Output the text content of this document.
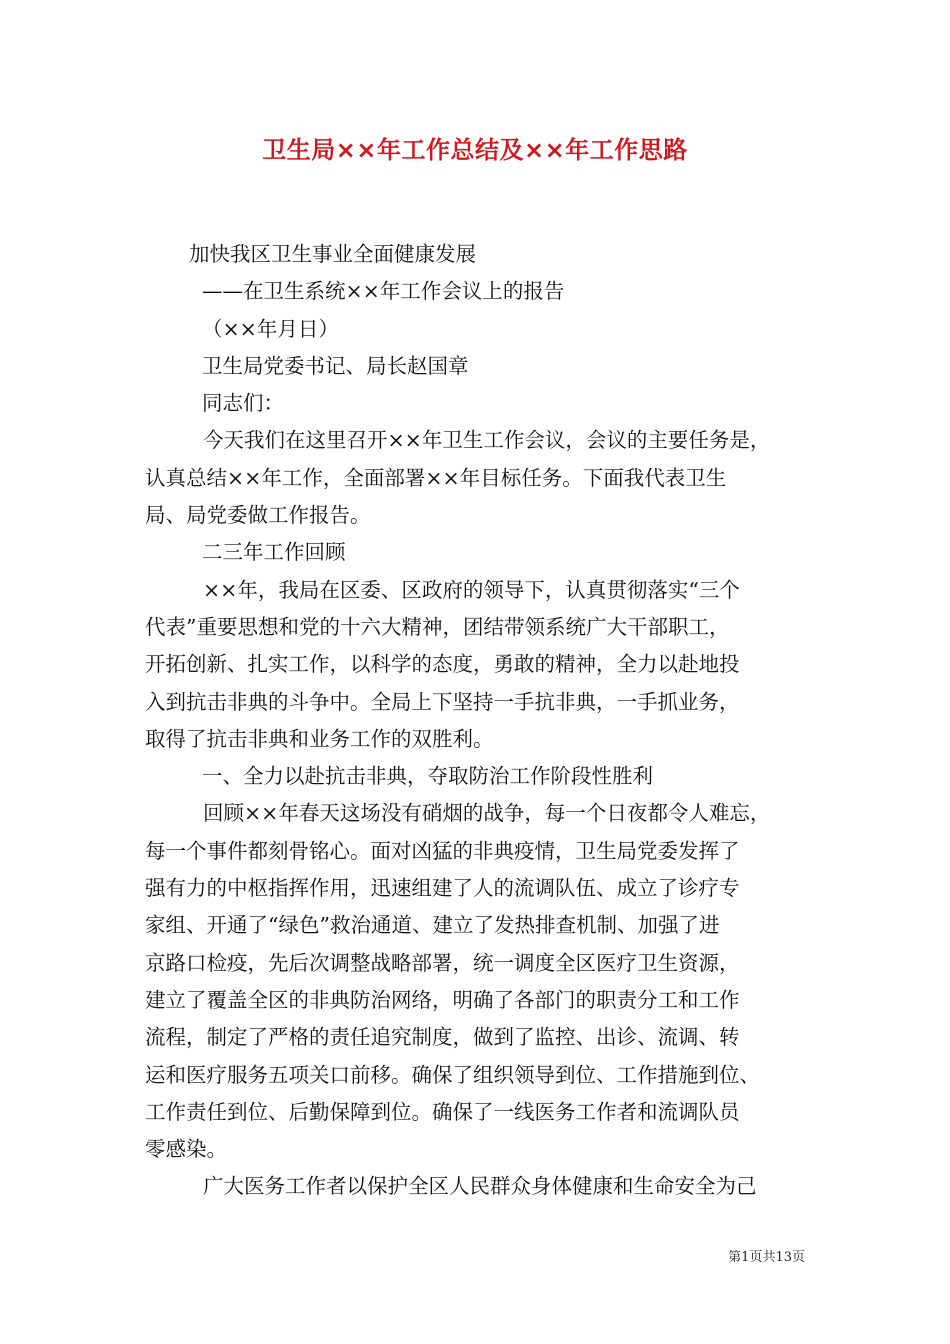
卫生局××年工作总结及××年工作思路
加快我区卫生事业全面健康发展
——在卫生系统××年工作会议上的报告
（××年月日）
卫生局党委书记、局长赵国章
同志们：
今天我们在这里召开××年卫生工作会议，会议的主要任务是，
认真总结××年工作，全面部署××年目标任务。下面我代表卫生
局、局党委做工作报告。
二三年工作回顾
××年，我局在区委、区政府的领导下，认真贯彻落实“三个
代表”重要思想和党的十六大精神，团结带领系统广大干部职工，
开拓创新、扎实工作，以科学的态度，勇敢的精神，全力以赴地投
入到抗击非典的斗争中。全局上下坚持一手抗非典，一手抓业务，
取得了抗击非典和业务工作的双胜利。
一、全力以赴抗击非典，夺取防治工作阶段性胜利
回顾××年春天这场没有硝烟的战争，每一个日夜都令人难忘，
每一个事件都刻骨铭心。面对凶猛的非典疫情，卫生局党委发挥了
强有力的中枢指挥作用，迅速组建了人的流调队伍、成立了诊疗专
家组、开通了“绿色”救治通道、建立了发热排查机制、加强了进
京路口检疫，先后次调整战略部署，统一调度全区医疗卫生资源，
建立了覆盖全区的非典防治网络，明确了各部门的职责分工和工作
流程，制定了严格的责任追究制度，做到了监控、出诊、流调、转
运和医疗服务五项关口前移。确保了组织领导到位、工作措施到位、
工作责任到位、后勤保障到位。确保了一线医务工作者和流调队员
零感染。
广大医务工作者以保护全区人民群众身体健康和生命安全为己
第1页共13页
